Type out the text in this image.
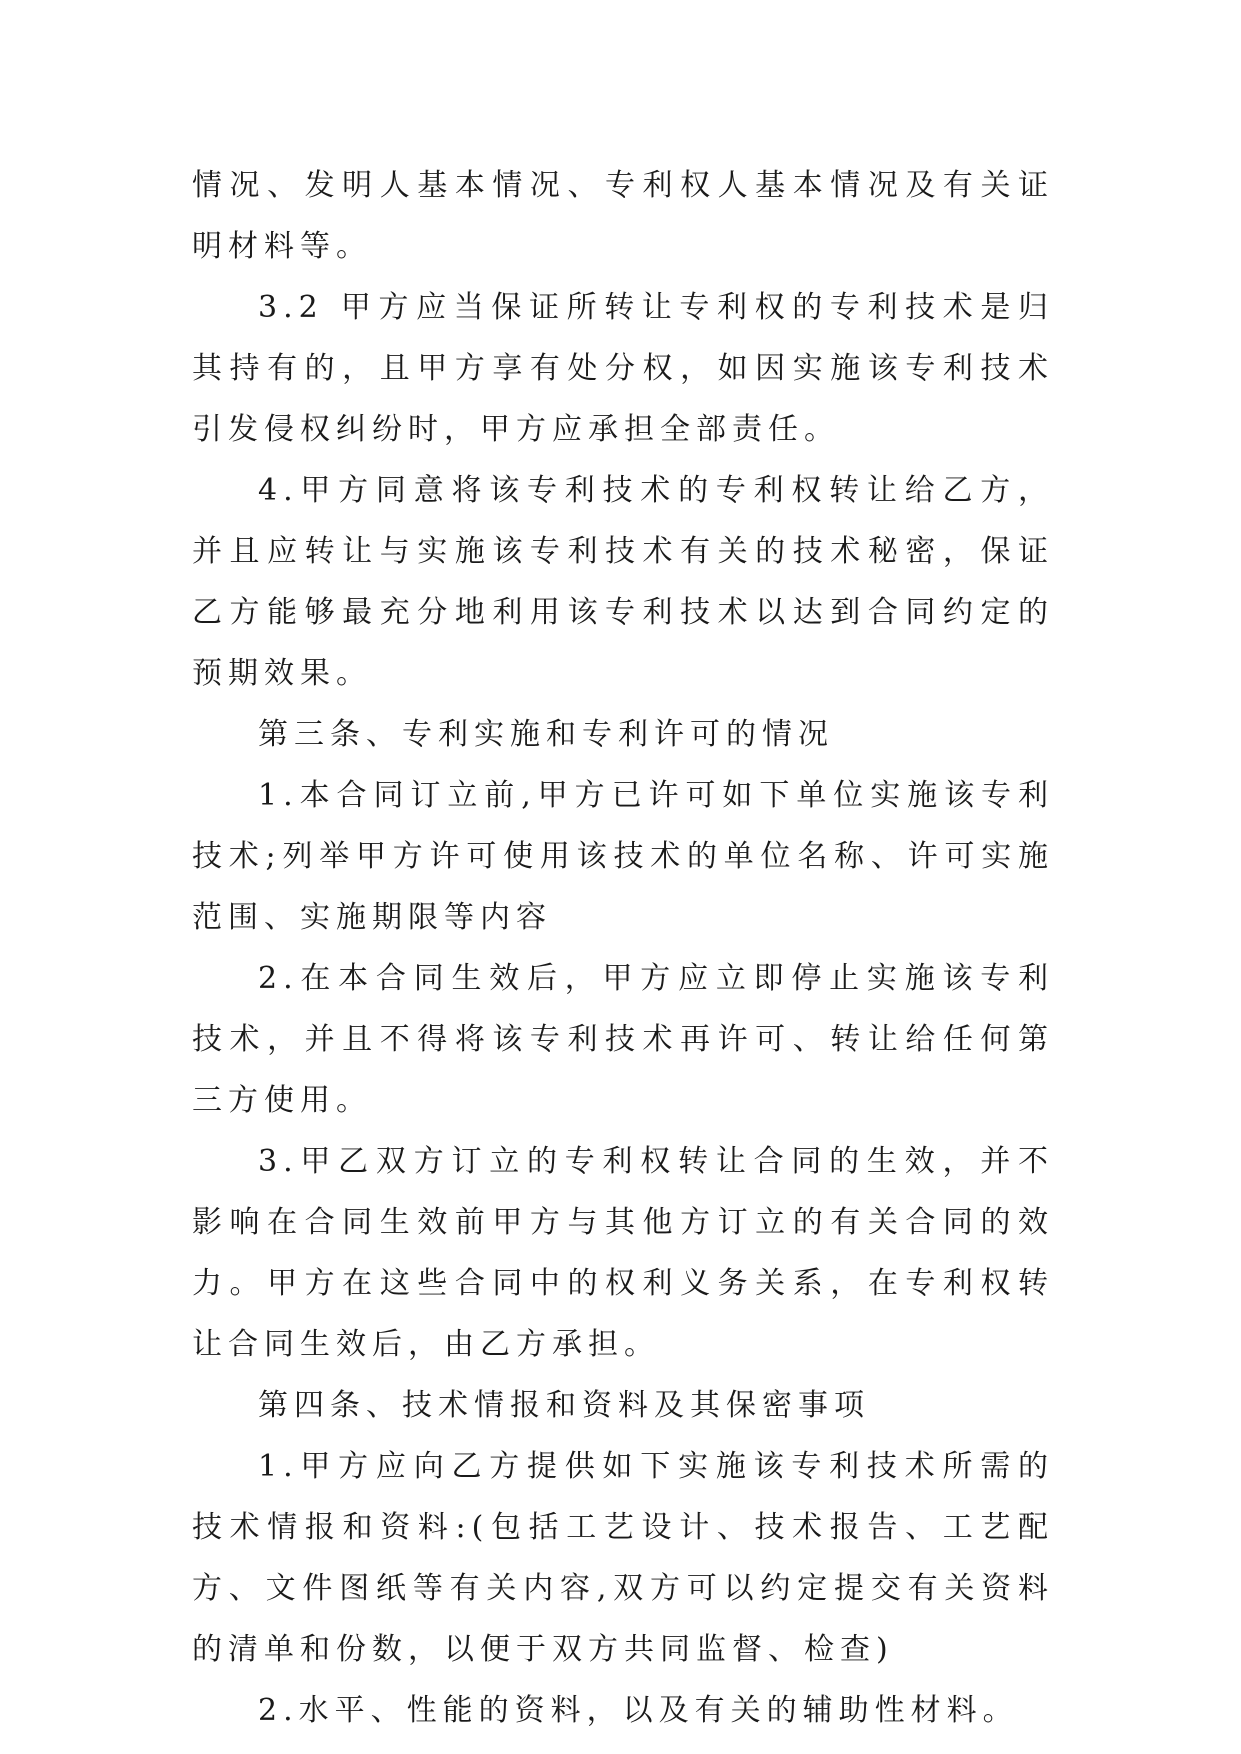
情况、发明人基本情况、专利权人基本情况及有关证明材料等。

3.2 甲方应当保证所转让专利权的专利技术是归其持有的，且甲方享有处分权，如因实施该专利技术引发侵权纠纷时，甲方应承担全部责任。

4.甲方同意将该专利技术的专利权转让给乙方，并且应转让与实施该专利技术有关的技术秘密，保证乙方能够最充分地利用该专利技术以达到合同约定的预期效果。

第三条、专利实施和专利许可的情况

1.本合同订立前,甲方已许可如下单位实施该专利技术;列举甲方许可使用该技术的单位名称、许可实施范围、实施期限等内容

2.在本合同生效后，甲方应立即停止实施该专利技术，并且不得将该专利技术再许可、转让给任何第三方使用。

3.甲乙双方订立的专利权转让合同的生效，并不影响在合同生效前甲方与其他方订立的有关合同的效力。甲方在这些合同中的权利义务关系，在专利权转让合同生效后，由乙方承担。

第四条、技术情报和资料及其保密事项

1.甲方应向乙方提供如下实施该专利技术所需的技术情报和资料:(包括工艺设计、技术报告、工艺配方、文件图纸等有关内容,双方可以约定提交有关资料的清单和份数，以便于双方共同监督、检查)

2.水平、性能的资料，以及有关的辅助性材料。
